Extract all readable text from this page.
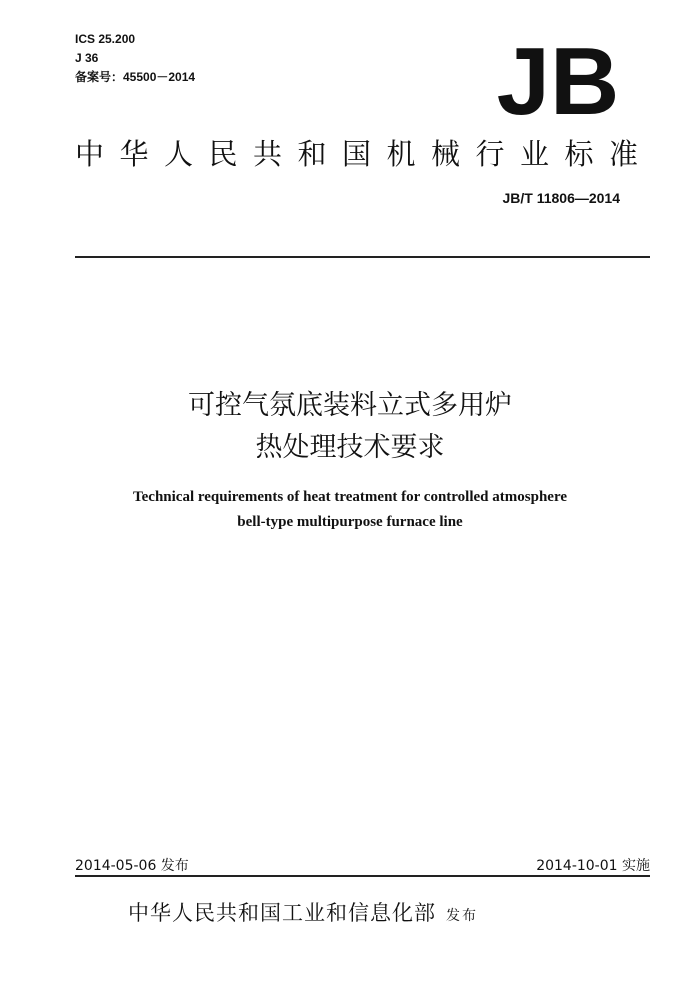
ICS 25.200
J 36
备案号：45500－2014	JB
中华人民共和国机械行业标准
JB/T 11806—2014
可控气氛底装料立式多用炉
热处理技术要求
Technical requirements of heat treatment for controlled atmosphere
bell-type multipurpose furnace line
2014-05-06 发布	2014-10-01 实施
中华人民共和国工业和信息化部 发布
